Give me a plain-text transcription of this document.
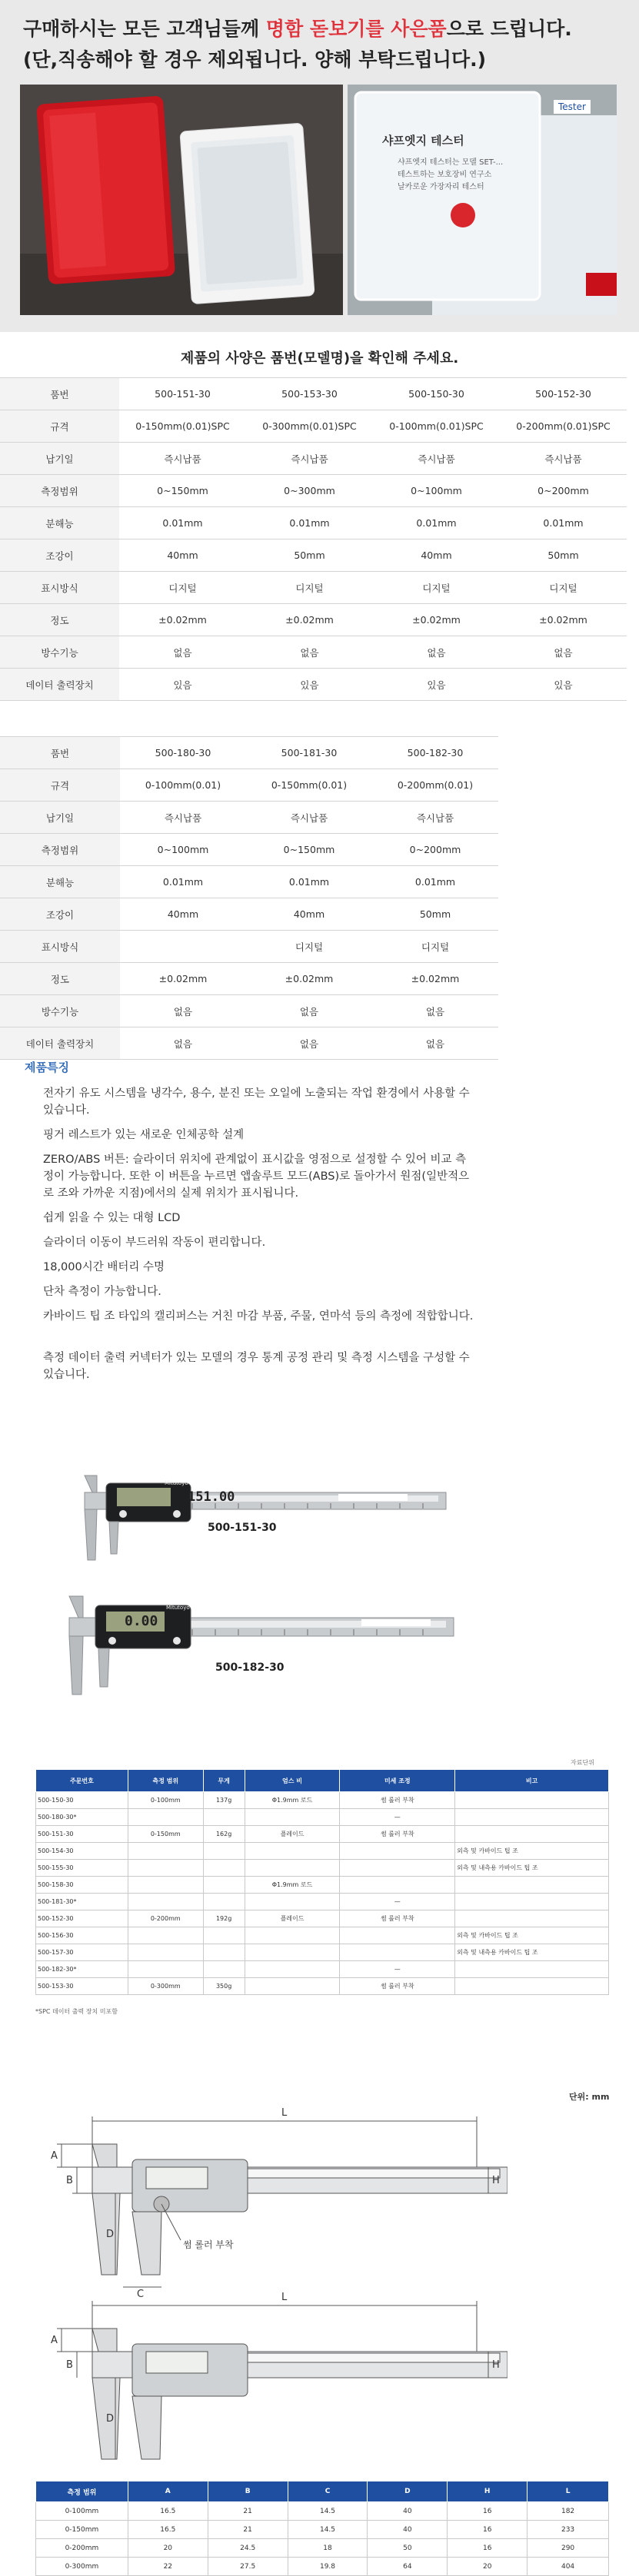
구매하시는 모든 고객님들께 명함 돋보기를 사은품으로 드립니다.
(단,직송해야 할 경우 제외됩니다. 양해 부탁드립니다.)
샤프엣지 테스터
샤프엣지 테스터는 모델 SET-...
테스트하는 보호장비 연구소
날카로운 가장자리 테스터
Tester
제품의 사양은 품번(모델명)을 확인해 주세요.
품번	500-151-30	500-153-30	500-150-30	500-152-30
규격	0-150mm(0.01)SPC	0-300mm(0.01)SPC	0-100mm(0.01)SPC	0-200mm(0.01)SPC
납기일	즉시납품	즉시납품	즉시납품	즉시납품
측정범위	0~150mm	0~300mm	0~100mm	0~200mm
분해능	0.01mm	0.01mm	0.01mm	0.01mm
조강이	40mm	50mm	40mm	50mm
표시방식	디지털	디지털	디지털	디지털
정도	±0.02mm	±0.02mm	±0.02mm	±0.02mm
방수기능	없음	없음	없음	없음
데이터 출력장치	있음	있음	있음	있음
품번	500-180-30	500-181-30	500-182-30
규격	0-100mm(0.01)	0-150mm(0.01)	0-200mm(0.01)
납기일	즉시납품	즉시납품	즉시납품
측정범위	0~100mm	0~150mm	0~200mm
분해능	0.01mm	0.01mm	0.01mm
조강이	40mm	40mm	50mm
표시방식		디지털	디지털
정도	±0.02mm	±0.02mm	±0.02mm
방수기능	없음	없음	없음
데이터 출력장치	없음	없음	없음
제품특징
전자기 유도 시스템을 냉각수, 용수, 분진 또는 오일에 노출되는 작업 환경에서 사용할 수 있습니다.
핑거 레스트가 있는 새로운 인체공학 설계
ZERO/ABS 버튼: 슬라이더 위치에 관계없이 표시값을 영점으로 설정할 수 있어 비교 측정이 가능합니다. 또한 이 버튼을 누르면 앱솔루트 모드(ABS)로 돌아가서 원점(일반적으로 조와 가까운 지점)에서의 실제 위치가 표시됩니다.
쉽게 읽을 수 있는 대형 LCD
슬라이더 이동이 부드러워 작동이 편리합니다.
18,000시간 배터리 수명
단차 측정이 가능합니다.
카바이드 팁 조 타입의 캘리퍼스는 거친 마감 부품, 주물, 연마석 등의 측정에 적합합니다.
측정 데이터 출력 커넥터가 있는 모델의 경우 통계 공정 관리 및 측정 시스템을 구성할 수 있습니다.
151.00
Mitutoyo
500-151-30
0.00
Mitutoyo
500-182-30
자료단위
주문번호	측정 범위	무게	엄스 비	미세 조정	비고
500-150-30	0-100mm	137g	Φ1.9mm 로드	썸 롤러 부착	
500-180-30*				—	
500-151-30	0-150mm	162g	플레이드	썸 롤러 부착	
500-154-30					외측 및 카바이드 팁 조
500-155-30					외측 및 내측용 카바이드 팁 조
500-158-30			Φ1.9mm 로드		
500-181-30*				—	
500-152-30	0-200mm	192g	플레이드	썸 롤러 부착	
500-156-30					외측 및 카바이드 팁 조
500-157-30					외측 및 내측용 카바이드 팁 조
500-182-30*				—	
500-153-30	0-300mm	350g		썸 롤러 부착	
*SPC 데이터 출력 장치 미포함
단위: mm
L
A
B
C
D
H
썸 롤러 부착
L
A
B
D
H
측정 범위	A	B	C	D	H	L
0-100mm	16.5	21	14.5	40	16	182
0-150mm	16.5	21	14.5	40	16	233
0-200mm	20	24.5	18	50	16	290
0-300mm	22	27.5	19.8	64	20	404
